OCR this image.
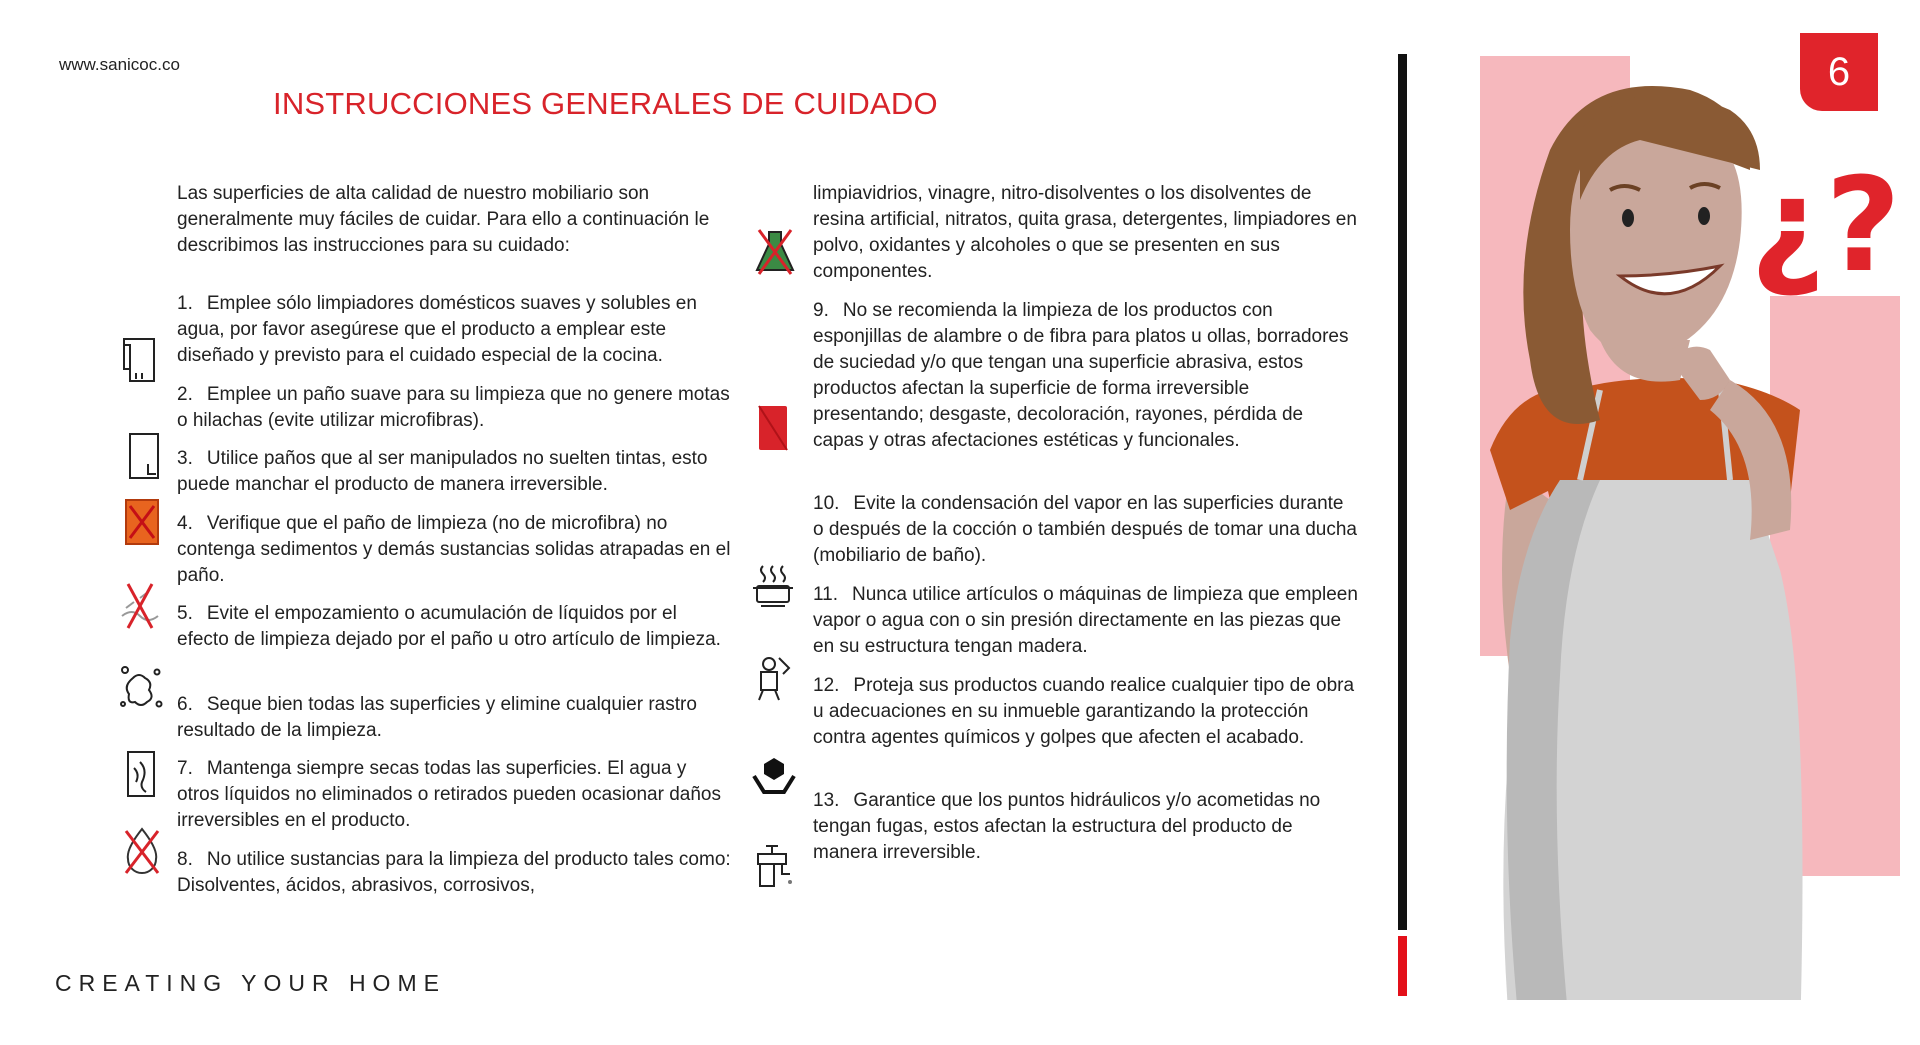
www.sanicoc.co
INSTRUCCIONES GENERALES DE CUIDADO

Las superficies de alta calidad de nuestro mobiliario son generalmente muy fáciles de cuidar. Para ello a continuación le describimos las instrucciones para su cuidado:

1. Emplee sólo limpiadores domésticos suaves y solubles en agua, por favor asegúrese que el producto a emplear este diseñado y previsto para el cuidado especial de la cocina.

2. Emplee un paño suave para su limpieza que no genere motas o hilachas (evite utilizar microfibras).

3. Utilice paños que al ser manipulados no suelten tintas, esto puede manchar el producto de manera irreversible.

4. Verifique que el paño de limpieza (no de microfibra) no contenga sedimentos y demás sustancias solidas atrapadas en el paño.

5. Evite el empozamiento o acumulación de líquidos por el efecto de limpieza dejado por el paño u otro artículo de limpieza.

6. Seque bien todas las superficies y elimine cualquier rastro resultado de la limpieza.

7. Mantenga siempre secas todas las superficies. El agua y otros líquidos no eliminados o retirados pueden ocasionar daños irreversibles en el producto.

8. No utilice sustancias para la limpieza del producto tales como: Disolventes, ácidos, abrasivos, corrosivos,

limpiavidrios, vinagre, nitro-disolventes o los disolventes de resina artificial, nitratos, quita grasa, detergentes, limpiadores en polvo, oxidantes y alcoholes o que se presenten en sus componentes.

9. No se recomienda la limpieza de los productos con esponjillas de alambre o de fibra para platos u ollas, borradores de suciedad y/o que tengan una superficie abrasiva, estos productos afectan la superficie de forma irreversible presentando; desgaste, decoloración, rayones, pérdida de capas y otras afectaciones estéticas y funcionales.

10. Evite la condensación del vapor en las superficies durante o después de la cocción o también después de tomar una ducha (mobiliario de baño).

11. Nunca utilice artículos o máquinas de limpieza que empleen vapor o agua con o sin presión directamente en las piezas que en su estructura tengan madera.

12. Proteja sus productos cuando realice cualquier tipo de obra u adecuaciones en su inmueble garantizando la protección contra agentes químicos y golpes que afecten el acabado.

13. Garantice que los puntos hidráulicos y/o acometidas no tengan fugas, estos afectan la estructura del producto de manera irreversible.

CREATING YOUR HOME
¿?
6
